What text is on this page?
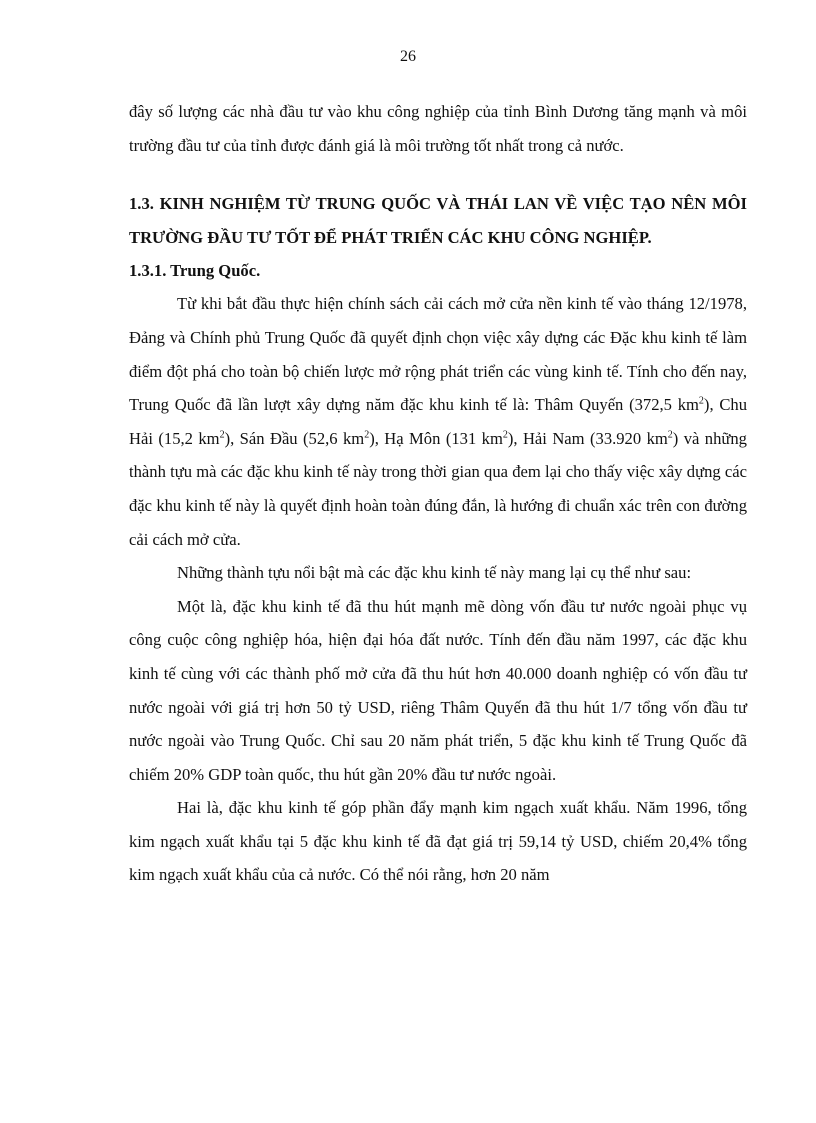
26

đây số lượng các nhà đầu tư vào khu công nghiệp của tỉnh Bình Dương tăng mạnh và môi trường đầu tư của tỉnh được đánh giá là môi trường tốt nhất trong cả nước.

1.3. KINH NGHIỆM TỪ TRUNG QUỐC VÀ THÁI LAN VỀ VIỆC TẠO NÊN MÔI TRƯỜNG ĐẦU TƯ TỐT ĐỂ PHÁT TRIỂN CÁC KHU CÔNG NGHIỆP.
1.3.1. Trung Quốc.

Từ khi bắt đầu thực hiện chính sách cải cách mở cửa nền kinh tế vào tháng 12/1978, Đảng và Chính phủ Trung Quốc đã quyết định chọn việc xây dựng các Đặc khu kinh tế làm điểm đột phá cho toàn bộ chiến lược mở rộng phát triển các vùng kinh tế. Tính cho đến nay, Trung Quốc đã lần lượt xây dựng năm đặc khu kinh tế là: Thâm Quyến (372,5 $km^2$), Chu Hải (15,2 $km^2$), Sán Đầu (52,6 $km^2$), Hạ Môn (131 $km^2$), Hải Nam (33.920 $km^2$) và những thành tựu mà các đặc khu kinh tế này trong thời gian qua đem lại cho thấy việc xây dựng các đặc khu kinh tế này là quyết định hoàn toàn đúng đắn, là hướng đi chuẩn xác trên con đường cải cách mở cửa.

Những thành tựu nổi bật mà các đặc khu kinh tế này mang lại cụ thể như sau:

Một là, đặc khu kinh tế đã thu hút mạnh mẽ dòng vốn đầu tư nước ngoài phục vụ công cuộc công nghiệp hóa, hiện đại hóa đất nước. Tính đến đầu năm 1997, các đặc khu kinh tế cùng với các thành phố mở cửa đã thu hút hơn 40.000 doanh nghiệp có vốn đầu tư nước ngoài với giá trị hơn 50 tỷ USD, riêng Thâm Quyến đã thu hút 1/7 tổng vốn đầu tư nước ngoài vào Trung Quốc. Chỉ sau 20 năm phát triển, 5 đặc khu kinh tế Trung Quốc đã chiếm 20% GDP toàn quốc, thu hút gần 20% đầu tư nước ngoài.

Hai là, đặc khu kinh tế góp phần đẩy mạnh kim ngạch xuất khẩu. Năm 1996, tổng kim ngạch xuất khẩu tại 5 đặc khu kinh tế đã đạt giá trị 59,14 tỷ USD, chiếm 20,4% tổng kim ngạch xuất khẩu của cả nước. Có thể nói rằng, hơn 20 năm
